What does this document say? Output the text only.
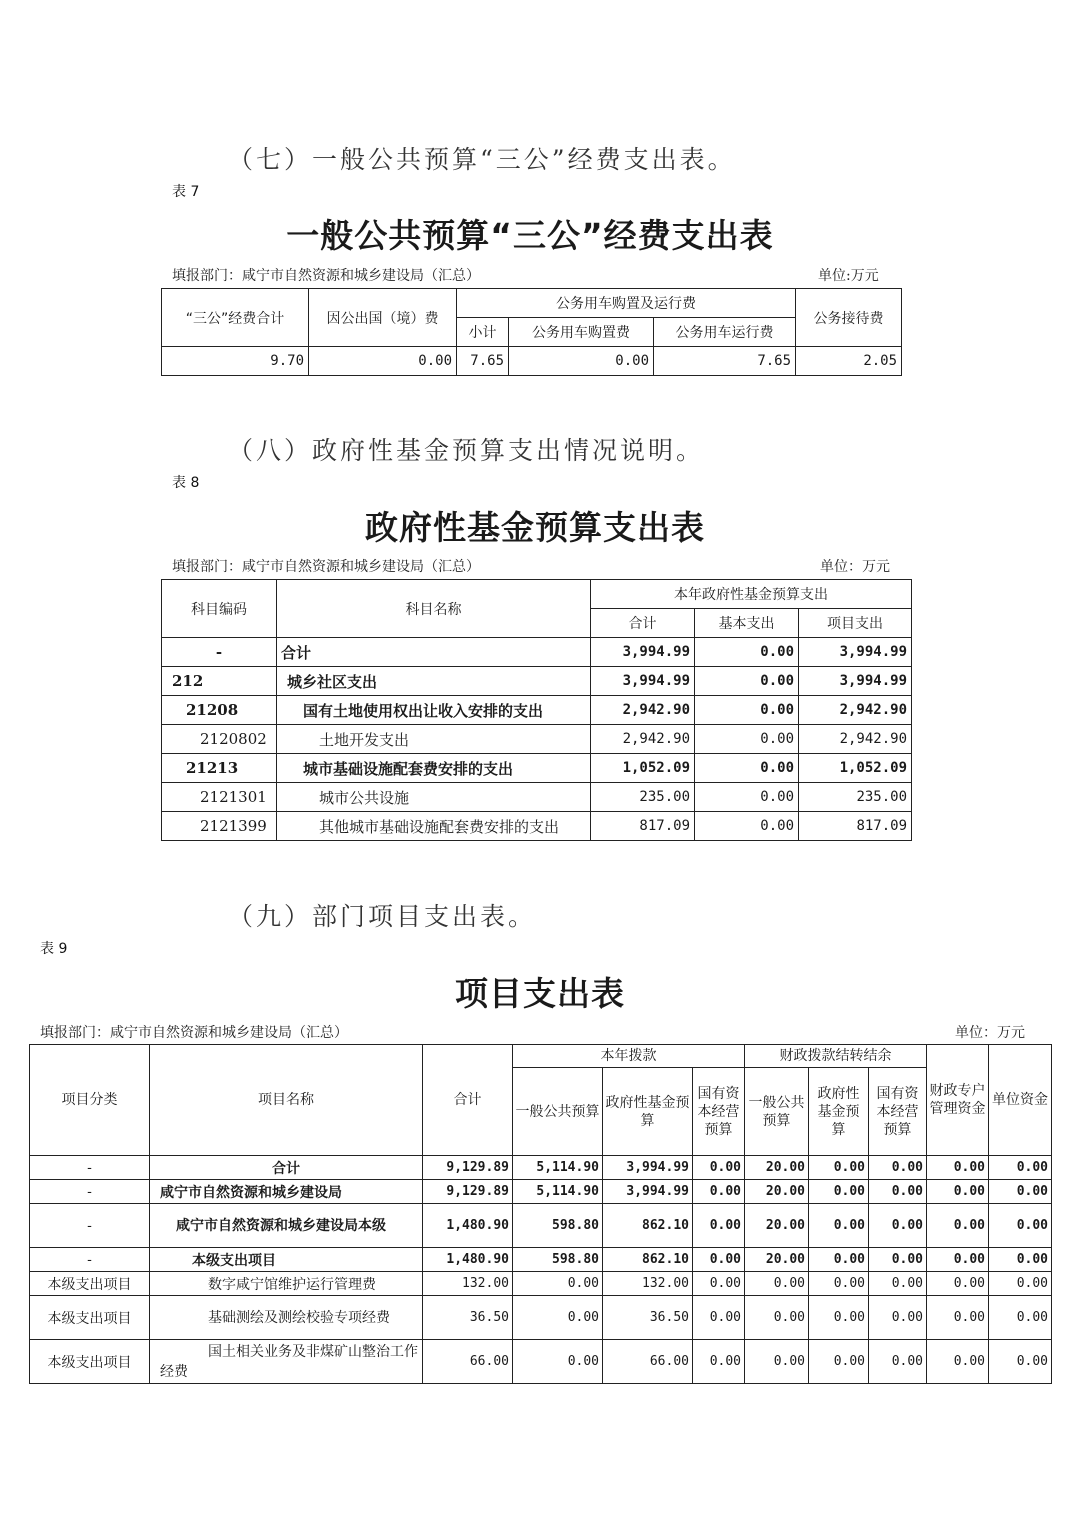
（七）一般公共预算“三公”经费支出表。
表 7
一般公共预算“三公”经费支出表
填报部门：咸宁市自然资源和城乡建设局（汇总）	单位:万元
“三公”经费合计	因公出国（境）费	公务用车购置及运行费			公务接待费
		小计	公务用车购置费	公务用车运行费	
9.70	0.00	7.65	0.00	7.65	2.05
（八）政府性基金预算支出情况说明。
表 8
政府性基金预算支出表
填报部门：咸宁市自然资源和城乡建设局（汇总）	单位：万元
科目编码	科目名称	本年政府性基金预算支出		
		合计	基本支出	项目支出
-	合计	3,994.99	0.00	3,994.99
212	城乡社区支出	3,994.99	0.00	3,994.99
21208	国有土地使用权出让收入安排的支出	2,942.90	0.00	2,942.90
2120802	土地开发支出	2,942.90	0.00	2,942.90
21213	城市基础设施配套费安排的支出	1,052.09	0.00	1,052.09
2121301	城市公共设施	235.00	0.00	235.00
2121399	其他城市基础设施配套费安排的支出	817.09	0.00	817.09
（九）部门项目支出表。
表 9
项目支出表
填报部门：咸宁市自然资源和城乡建设局（汇总）	单位：万元
项目分类	项目名称	合计	本年拨款			财政拨款结转结余			财政专户管理资金	单位资金
			一般公共预算	政府性基金预算	国有资本经营预算	一般公共预算	政府性基金预算	国有资本经营预算		
-	合计	9,129.89	5,114.90	3,994.99	0.00	20.00	0.00	0.00	0.00	0.00
-	咸宁市自然资源和城乡建设局	9,129.89	5,114.90	3,994.99	0.00	20.00	0.00	0.00	0.00	0.00
-	咸宁市自然资源和城乡建设局本级	1,480.90	598.80	862.10	0.00	20.00	0.00	0.00	0.00	0.00
-	本级支出项目	1,480.90	598.80	862.10	0.00	20.00	0.00	0.00	0.00	0.00
本级支出项目	数字咸宁馆维护运行管理费	132.00	0.00	132.00	0.00	0.00	0.00	0.00	0.00	0.00
本级支出项目	基础测绘及测绘校验专项经费	36.50	0.00	36.50	0.00	0.00	0.00	0.00	0.00	0.00
本级支出项目	国土相关业务及非煤矿山整治工作经费	66.00	0.00	66.00	0.00	0.00	0.00	0.00	0.00	0.00
